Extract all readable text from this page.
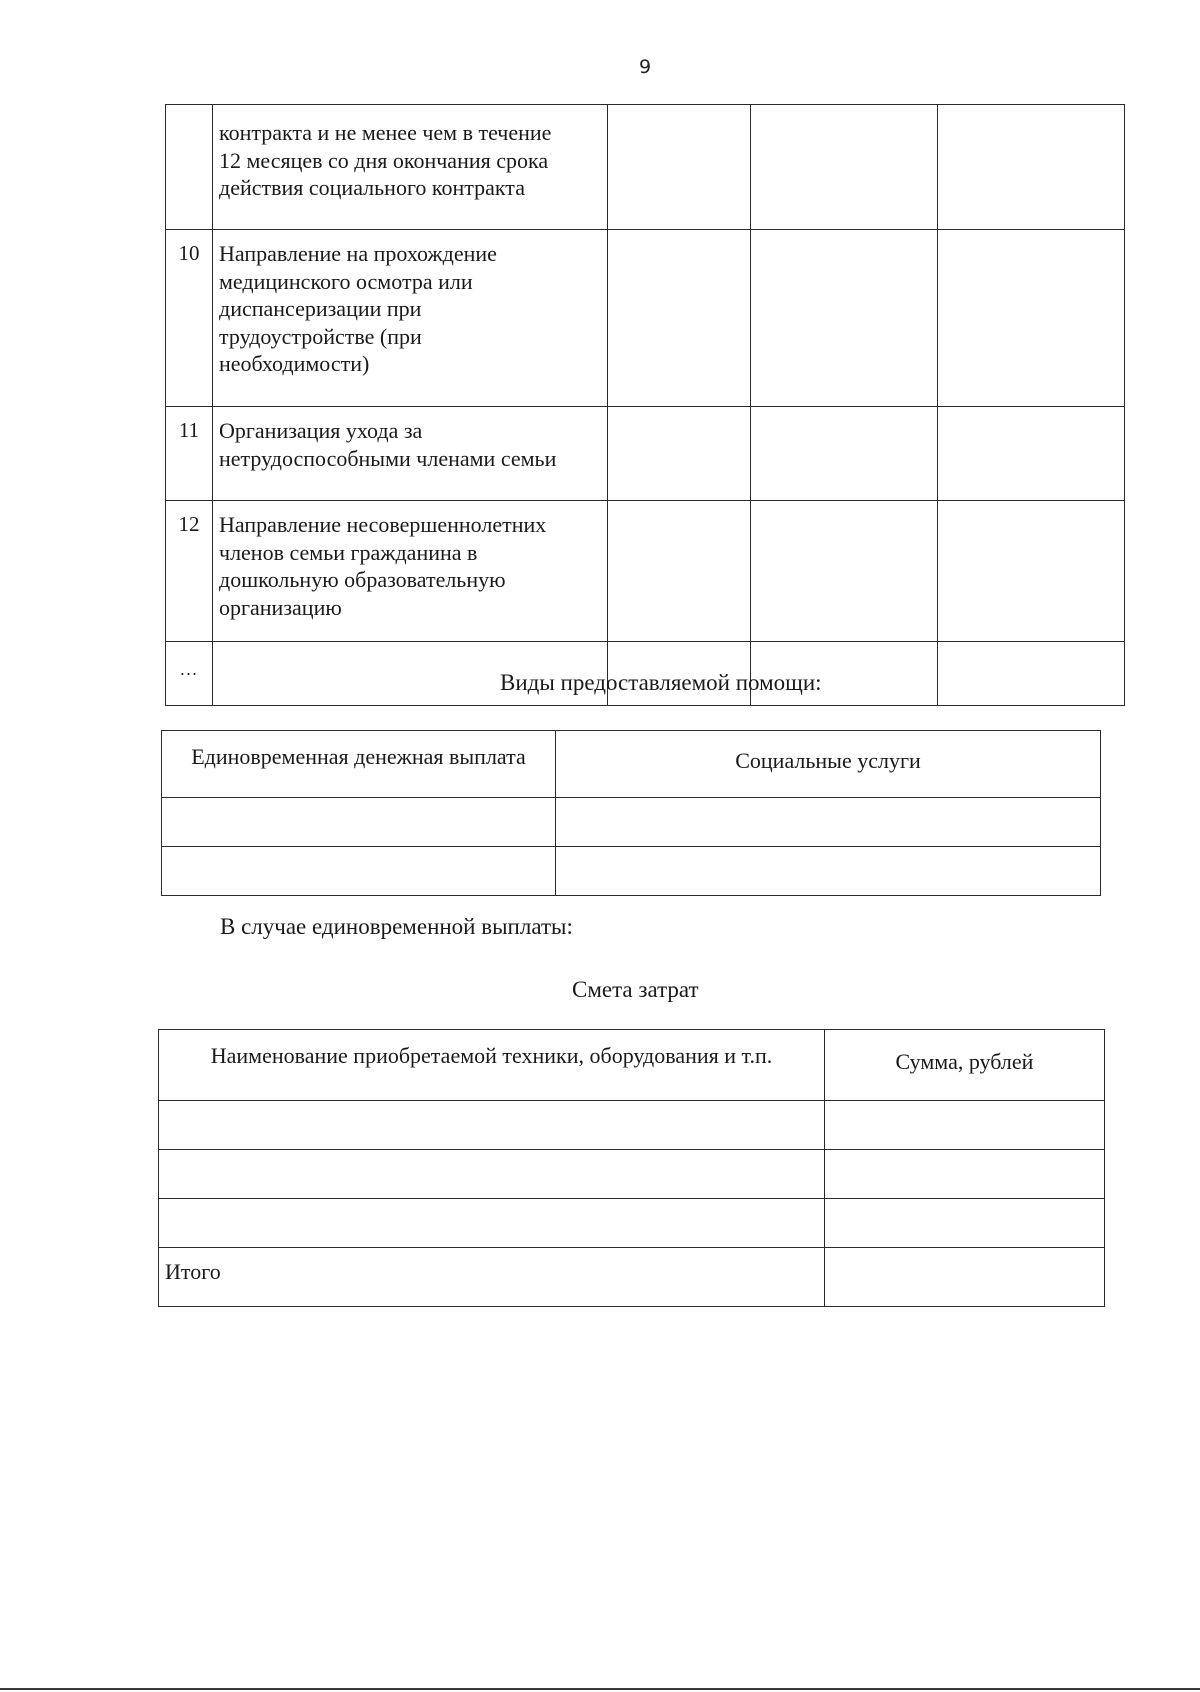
9

	контракта и не менее чем в течение
12 месяцев со дня окончания срока
действия социального контракта			

10	Направление на прохождение
медицинского осмотра или
диспансеризации при
трудоустройстве (при
необходимости)			

11	Организация ухода за
нетрудоспособными членами семьи			

12	Направление несовершеннолетних
членов семьи гражданина в
дошкольную образовательную
организацию			

...				
Виды предоставляемой помощи:
Единовременная денежная выплата	Социальные услуги

В случае единовременной выплаты:
Смета затрат
Наименование приобретаемой техники, оборудования и т.п.	Сумма, рублей

Итого	
